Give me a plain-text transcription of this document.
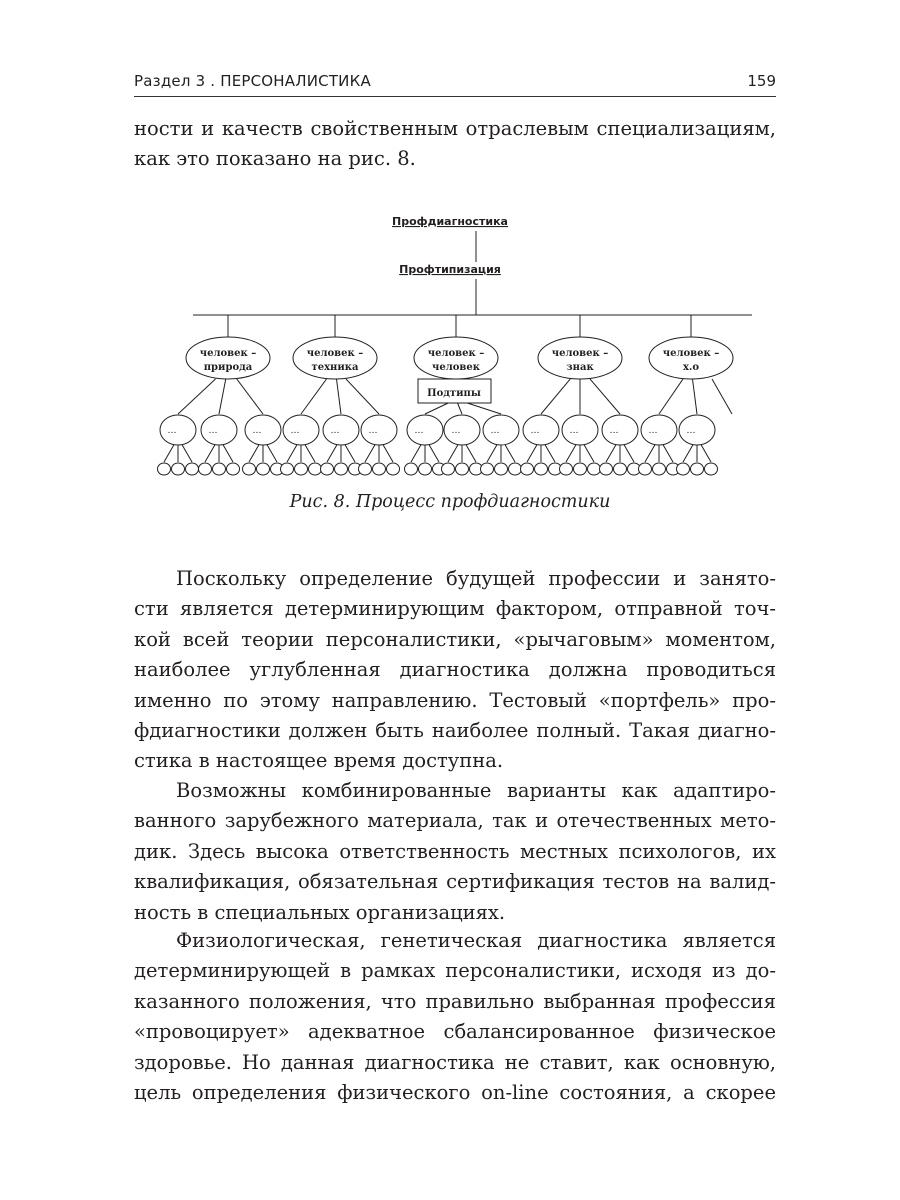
Раздел 3 . ПЕРСОНАЛИСТИКА	159
ности и качеств свойственным отраслевым специализациям,
как это показано на рис. 8.
человек –
природа
человек –
техника
человек –
человек
человек –
знак
человек –
х.о
Подтипы
…	…	…	…	…	…	…	…	…	…	…	…	…	…
Профдиагностика
Профтипизация
Рис. 8. Процесс профдиагностики
Поскольку определение будущей профессии и занято-
сти является детерминирующим фактором, отправной точ-
кой всей теории персоналистики, «рычаговым» моментом,
наиболее углубленная диагностика должна проводиться
именно по этому направлению. Тестовый «портфель» про-
фдиагностики должен быть наиболее полный. Такая диагно-
стика в настоящее время доступна.
Возможны комбинированные варианты как адаптиро-
ванного зарубежного материала, так и отечественных мето-
дик. Здесь высока ответственность местных психологов, их
квалификация, обязательная сертификация тестов на валид-
ность в специальных организациях.
Физиологическая, генетическая диагностика является
детерминирующей в рамках персоналистики, исходя из до-
казанного положения, что правильно выбранная профессия
«провоцирует» адекватное сбалансированное физическое
здоровье. Но данная диагностика не ставит, как основную,
цель определения физического on-line состояния, а скорее
